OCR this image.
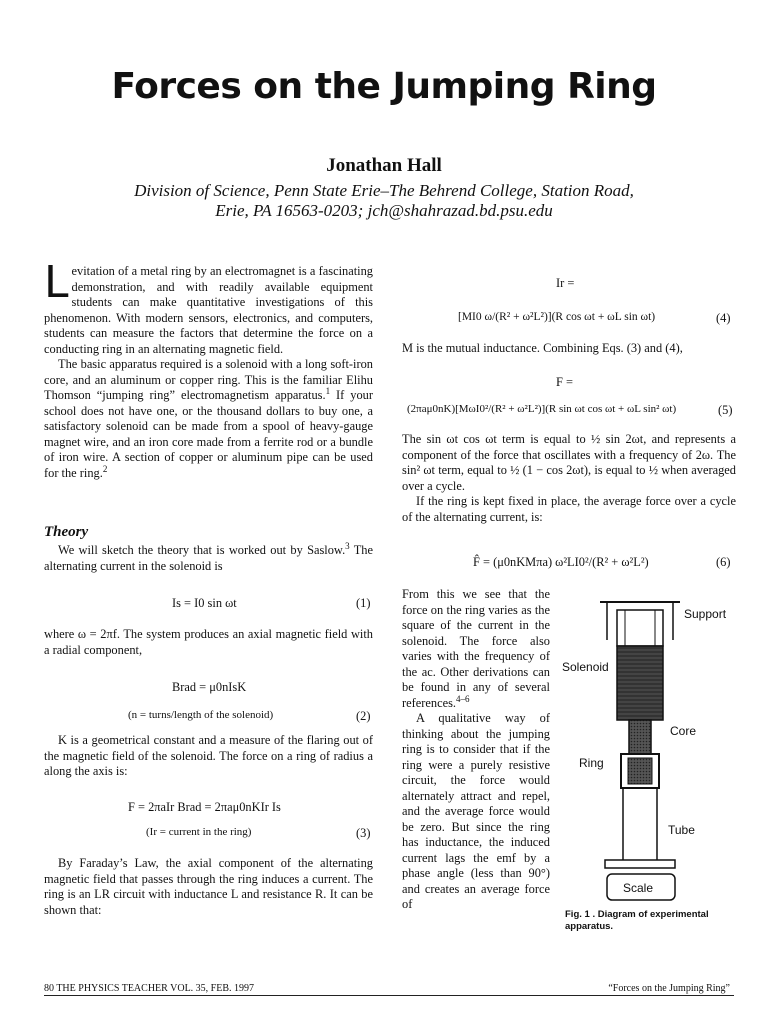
Forces on the Jumping Ring
Jonathan Hall
Division of Science, Penn State Erie–The Behrend College, Station Road,
Erie, PA 16563-0203; jch@shahrazad.bd.psu.edu

Levitation of a metal ring by an electromagnet is a fascinating demonstration, and with readily available equipment students can make quantitative investigations of this phenomenon. With modern sensors, electronics, and computers, students can measure the factors that determine the force on a conducting ring in an alternating magnetic field.

The basic apparatus required is a solenoid with a long soft-iron core, and an aluminum or copper ring. This is the familiar Elihu Thomson “jumping ring” electromagnetism apparatus.$^1$ If your school does not have one, or the thousand dollars to buy one, a satisfactory solenoid can be made from a spool of heavy-gauge magnet wire, and an iron core made from a ferrite rod or a bundle of iron wire. A section of copper or aluminum pipe can be used for the ring.$^2$

Theory

We will sketch the theory that is worked out by Saslow.$^3$ The alternating current in the solenoid is

Is = I0 sin ωt	(1)
where ω = 2πf. The system produces an axial magnetic field with a radial component,
Brad = μ0nIsK
(n = turns/length of the solenoid)	(2)

K is a geometrical constant and a measure of the flaring out of the magnetic field of the solenoid. The force on a ring of radius a along the axis is:

F = 2πaIr Brad = 2πaμ0nKIr Is
(Ir = current in the ring)	(3)

By Faraday’s Law, the axial component of the alternating magnetic field that passes through the ring induces a current. The ring is an LR circuit with inductance L and resistance R. It can be shown that:

Ir =
[MI0 ω/(R² + ω²L²)](R cos ωt + ωL sin ωt)	(4)
M is the mutual inductance. Combining Eqs. (3) and (4),
F =
(2πaμ0nK)[MωI0²/(R² + ω²L²)](R sin ωt cos ωt + ωL sin² ωt)	(5)

The sin ωt cos ωt term is equal to ½ sin 2ωt, and represents a component of the force that oscillates with a frequency of 2ω. The sin² ωt term, equal to ½ (1 − cos 2ωt), is equal to ½ when averaged over a cycle.

If the ring is kept fixed in place, the average force over a cycle of the alternating current, is:

F̂ = (μ0nKMπa) ω²LI0²/(R² + ω²L²)	(6)

From this we see that the force on the ring varies as the square of the current in the solenoid. The force also varies with the frequency of the ac. Other derivations can be found in any of several references.$^{4-6}$

A qualitative way of thinking about the jumping ring is to consider that if the ring were a purely resistive circuit, the force would alternately attract and repel, and the average force would be zero. But since the ring has inductance, the induced current lags the emf by a phase angle (less than 90°) and creates an average force of

Support
Solenoid
Core
Ring
Tube
Scale
Fig. 1 . Diagram of experimental apparatus.
80 THE PHYSICS TEACHER VOL. 35, FEB. 1997	“Forces on the Jumping Ring”
